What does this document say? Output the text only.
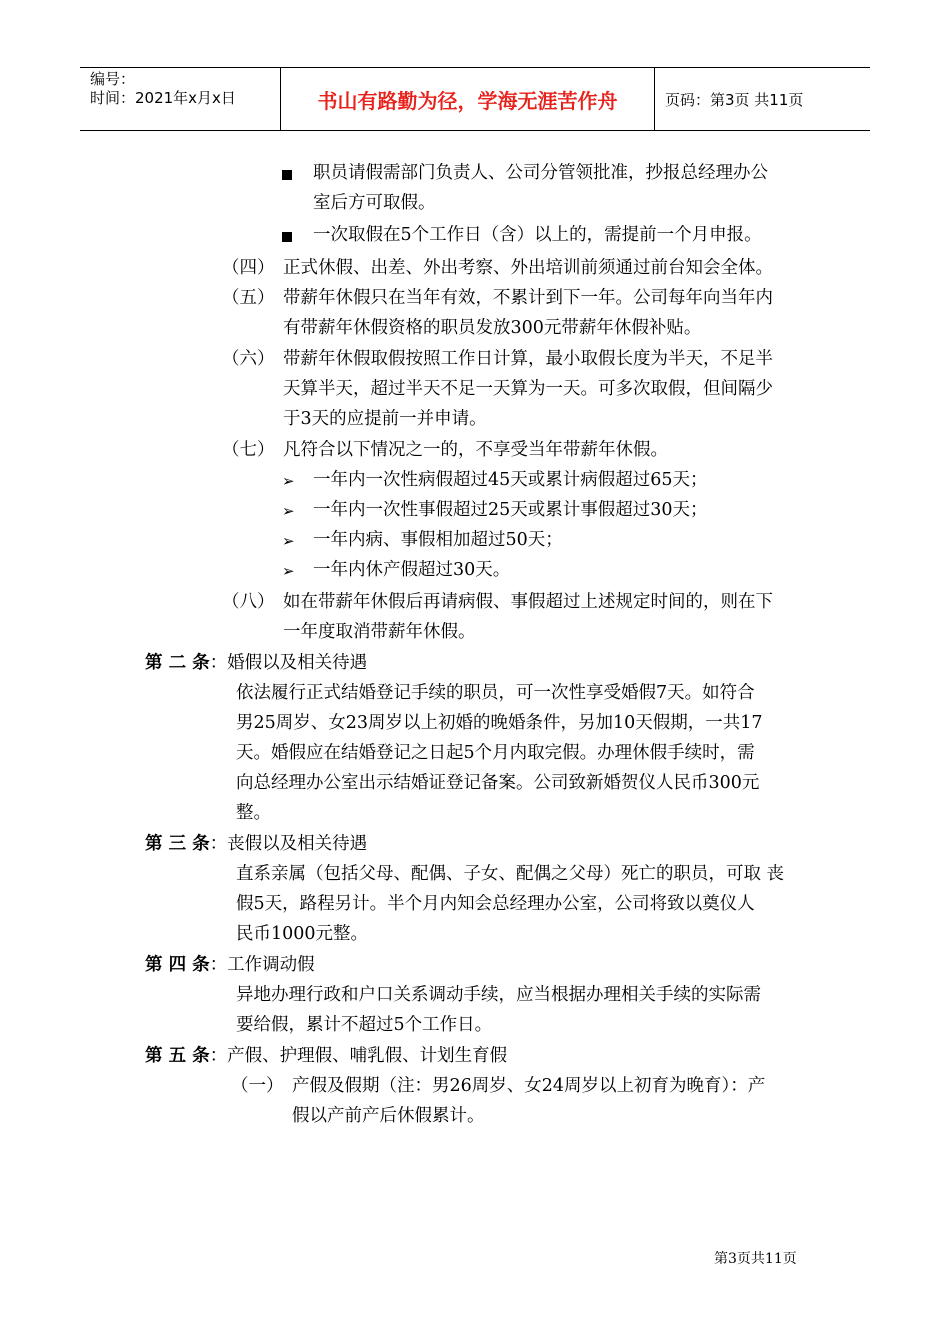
编号：
时间：2021年x月x日	书山有路勤为径，学海无涯苦作舟	页码：第3页 共11页
职员请假需部门负责人、公司分管领批准，抄报总经理办公
室后方可取假。
一次取假在5个工作日（含）以上的，需提前一个月申报。
（四） 正式休假、出差、外出考察、外出培训前须通过前台知会全体。
（五） 带薪年休假只在当年有效，不累计到下一年。公司每年向当年内
有带薪年休假资格的职员发放300元带薪年休假补贴。
（六） 带薪年休假取假按照工作日计算，最小取假长度为半天，不足半
天算半天，超过半天不足一天算为一天。可多次取假，但间隔少
于3天的应提前一并申请。
（七） 凡符合以下情况之一的，不享受当年带薪年休假。
➢ 一年内一次性病假超过45天或累计病假超过65天；
➢ 一年内一次性事假超过25天或累计事假超过30天；
➢ 一年内病、事假相加超过50天；
➢ 一年内休产假超过30天。
（八） 如在带薪年休假后再请病假、事假超过上述规定时间的，则在下
一年度取消带薪年休假。
第 二 条：婚假以及相关待遇
依法履行正式结婚登记手续的职员，可一次性享受婚假7天。如符合
男25周岁、女23周岁以上初婚的晚婚条件，另加10天假期，一共17
天。婚假应在结婚登记之日起5个月内取完假。办理休假手续时，需
向总经理办公室出示结婚证登记备案。公司致新婚贺仪人民币300元
整。
第 三 条：丧假以及相关待遇
直系亲属（包括父母、配偶、子女、配偶之父母）死亡的职员，可取 丧
假5天，路程另计。半个月内知会总经理办公室，公司将致以奠仪人
民币1000元整。
第 四 条：工作调动假
异地办理行政和户口关系调动手续，应当根据办理相关手续的实际需
要给假，累计不超过5个工作日。
第 五 条：产假、护理假、哺乳假、计划生育假
（一） 产假及假期（注：男26周岁、女24周岁以上初育为晚育）：产
假以产前产后休假累计。
第3页共11页
